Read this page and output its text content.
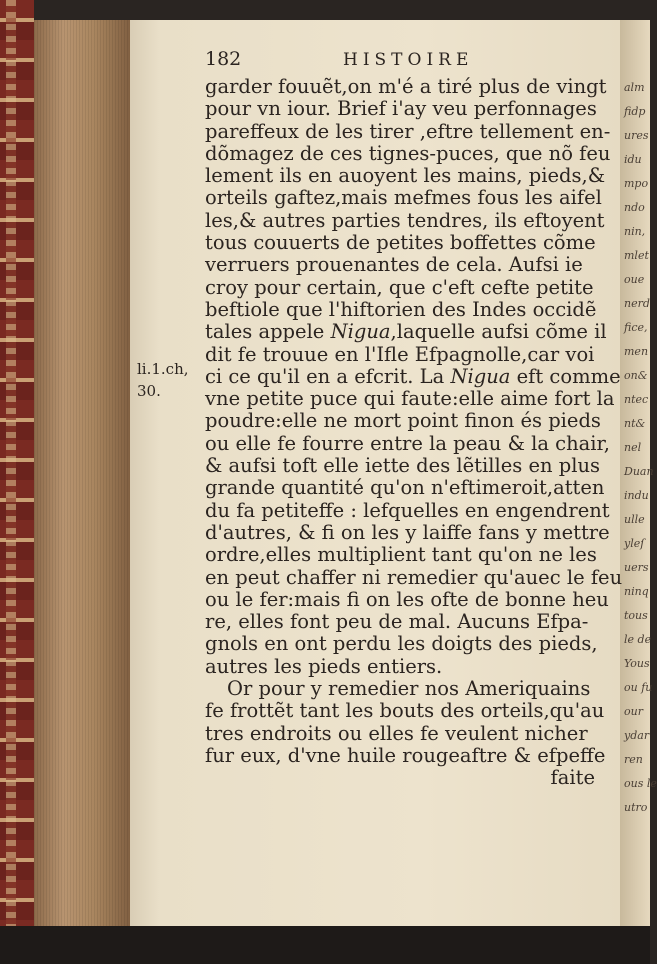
alm
fidp
ures
idu
mpo
ndo
nin,
mlet
oue
nerd
fice,
men
on&
ntec
nt&
nel
Duan
indu
ulle
yleſ
uers
ninq
tous
le de
Yous
ou fu
our
ydar
ren
ous le
utro
182	HISTOIRE
li.1.ch,
30.
garder fouuẽt,on m'é a tiré plus de vingt
pour vn iour. Brief i'ay veu perfonnages
pareffeux de les tirer ,eftre tellement en-
dõmagez de ces tignes-puces, que nõ feu
lement ils en auoyent les mains, pieds,&
orteils gaftez,mais mefmes fous les aifel
les,& autres parties tendres, ils eftoyent
tous couuerts de petites boffettes cõme
verruers prouenantes de cela. Aufsi ie
croy pour certain, que c'eft cefte petite
beftiole que l'hiftorien des Indes occidẽ
tales appele Nigua,laquelle aufsi cõme il
dit fe trouue en l'Ifle Efpagnolle,car voi
ci ce qu'il en a efcrit. La Nigua eft comme
vne petite puce qui faute:elle aime fort la
poudre:elle ne mort point finon és pieds
ou elle fe fourre entre la peau & la chair,
& aufsi toft elle iette des lẽtilles en plus
grande quantité qu'on n'eftimeroit,atten
du fa petiteffe : lefquelles en engendrent
d'autres, & fi on les y laiffe fans y mettre
ordre,elles multiplient tant qu'on ne les
en peut chaffer ni remedier qu'auec le feu
ou le fer:mais fi on les ofte de bonne heu
re, elles font peu de mal. Aucuns Efpa-
gnols en ont perdu les doigts des pieds,
autres les pieds entiers.
Or pour y remedier nos Ameriquains
fe frottẽt tant les bouts des orteils,qu'au
tres endroits ou elles fe veulent nicher
fur eux, d'vne huile rougeaftre & efpeffe
faite
